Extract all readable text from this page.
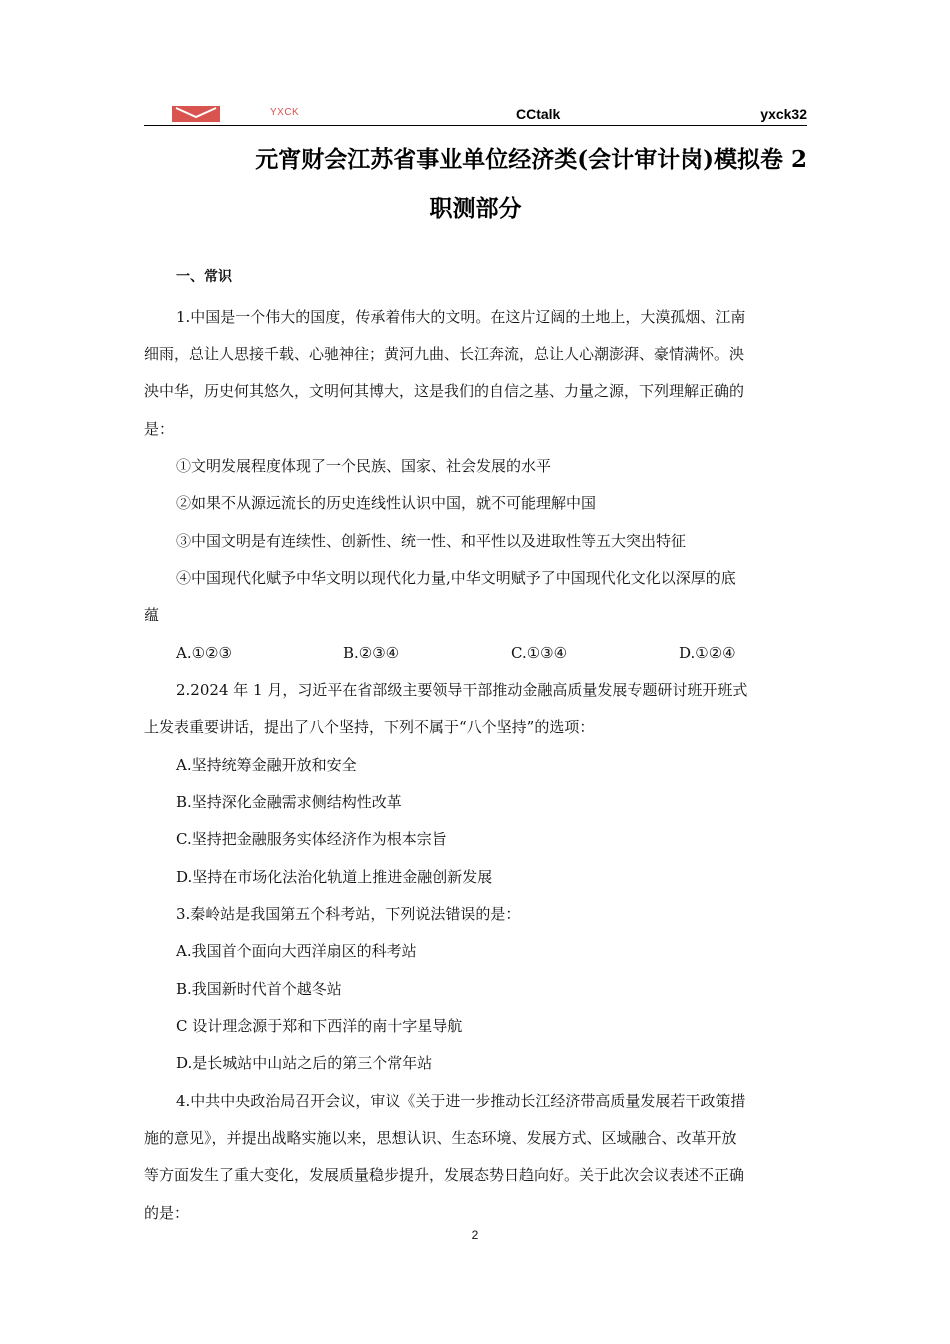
YXCK	CCtalk	yxck32
元宵财会江苏省事业单位经济类(会计审计岗)模拟卷 2
职测部分
一、常识
1.中国是一个伟大的国度，传承着伟大的文明。在这片辽阔的土地上，大漠孤烟、江南
细雨，总让人思接千载、心驰神往；黄河九曲、长江奔流，总让人心潮澎湃、豪情满怀。泱
泱中华，历史何其悠久，文明何其博大，这是我们的自信之基、力量之源，下列理解正确的
是：
①文明发展程度体现了一个民族、国家、社会发展的水平
②如果不从源远流长的历史连线性认识中国，就不可能理解中国
③中国文明是有连续性、创新性、统一性、和平性以及进取性等五大突出特征
④中国现代化赋予中华文明以现代化力量,中华文明赋予了中国现代化文化以深厚的底
蕴
A.①②③	B.②③④	C.①③④	D.①②④
2.2024 年 1 月，习近平在省部级主要领导干部推动金融高质量发展专题研讨班开班式
上发表重要讲话，提出了八个坚持，下列不属于“八个坚持”的选项：
A.坚持统筹金融开放和安全
B.坚持深化金融需求侧结构性改革
C.坚持把金融服务实体经济作为根本宗旨
D.坚持在市场化法治化轨道上推进金融创新发展
3.秦岭站是我国第五个科考站，下列说法错误的是：
A.我国首个面向大西洋扇区的科考站
B.我国新时代首个越冬站
C 设计理念源于郑和下西洋的南十字星导航
D.是长城站中山站之后的第三个常年站
4.中共中央政治局召开会议，审议《关于进一步推动长江经济带高质量发展若干政策措
施的意见》，并提出战略实施以来，思想认识、生态环境、发展方式、区域融合、改革开放
等方面发生了重大变化，发展质量稳步提升，发展态势日趋向好。关于此次会议表述不正确
的是：
2
